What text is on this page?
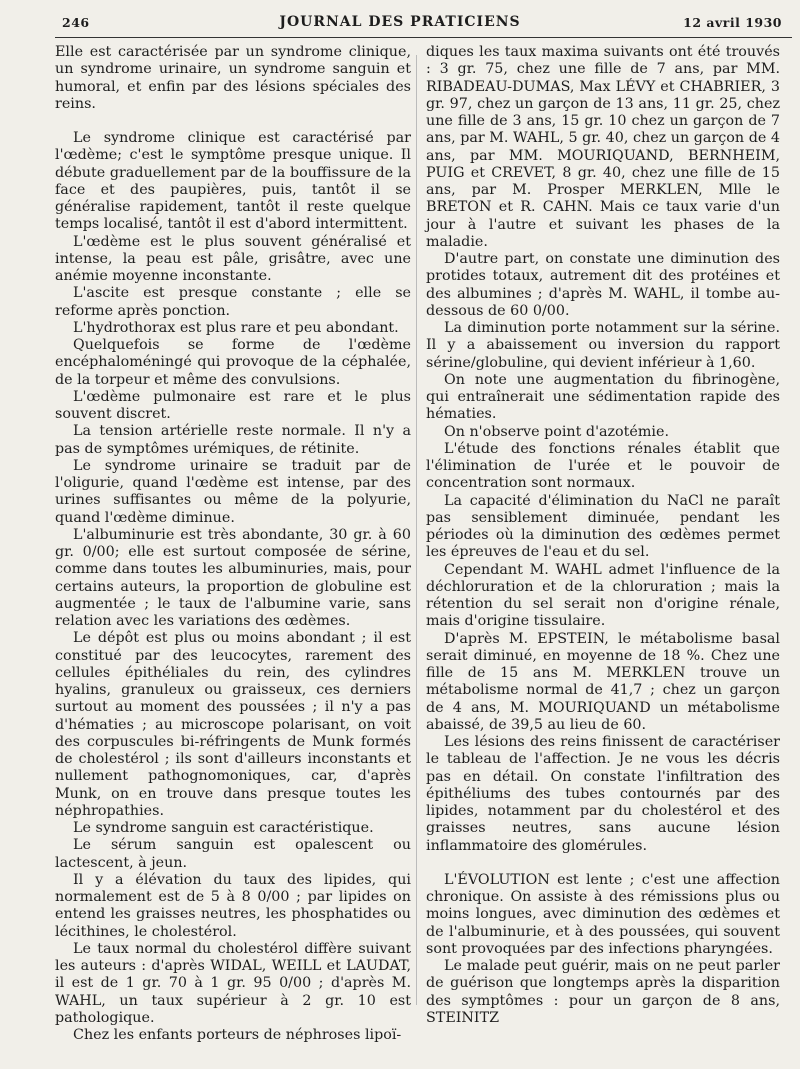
246	JOURNAL DES PRATICIENS	12 avril 1930

Elle est caractérisée par un syndrome clinique, un syndrome urinaire, un syndrome sanguin et humoral, et enfin par des lésions spéciales des reins.

Le syndrome clinique est caractérisé par l'œdème; c'est le symptôme presque unique. Il débute graduellement par de la bouffissure de la face et des paupières, puis, tantôt il se généralise rapidement, tantôt il reste quelque temps localisé, tantôt il est d'abord intermittent.

L'œdème est le plus souvent généralisé et intense, la peau est pâle, grisâtre, avec une anémie moyenne inconstante.

L'ascite est presque constante ; elle se reforme après ponction.

L'hydrothorax est plus rare et peu abondant.

Quelquefois se forme de l'œdème encéphaloméningé qui provoque de la céphalée, de la torpeur et même des convulsions.

L'œdème pulmonaire est rare et le plus souvent discret.

La tension artérielle reste normale. Il n'y a pas de symptômes urémiques, de rétinite.

Le syndrome urinaire se traduit par de l'oligurie, quand l'œdème est intense, par des urines suffisantes ou même de la polyurie, quand l'œdème diminue.

L'albuminurie est très abondante, 30 gr. à 60 gr. 0/00; elle est surtout composée de sérine, comme dans toutes les albuminuries, mais, pour certains auteurs, la proportion de globuline est augmentée ; le taux de l'albumine varie, sans relation avec les variations des œdèmes.

Le dépôt est plus ou moins abondant ; il est constitué par des leucocytes, rarement des cellules épithéliales du rein, des cylindres hyalins, granuleux ou graisseux, ces derniers surtout au moment des poussées ; il n'y a pas d'hématies ; au microscope polarisant, on voit des corpuscules bi-réfringents de Munk formés de cholestérol ; ils sont d'ailleurs inconstants et nullement pathognomoniques, car, d'après Munk, on en trouve dans presque toutes les néphropathies.

Le syndrome sanguin est caractéristique.

Le sérum sanguin est opalescent ou lactescent, à jeun.

Il y a élévation du taux des lipides, qui normalement est de 5 à 8 0/00 ; par lipides on entend les graisses neutres, les phosphatides ou lécithines, le cholestérol.

Le taux normal du cholestérol diffère suivant les auteurs : d'après WIDAL, WEILL et LAUDAT, il est de 1 gr. 70 à 1 gr. 95 0/00 ; d'après M. WAHL, un taux supérieur à 2 gr. 10 est pathologique.

Chez les enfants porteurs de néphroses lipoï-

diques les taux maxima suivants ont été trouvés : 3 gr. 75, chez une fille de 7 ans, par MM. RIBADEAU-DUMAS, Max LÉVY et CHABRIER, 3 gr. 97, chez un garçon de 13 ans, 11 gr. 25, chez une fille de 3 ans, 15 gr. 10 chez un garçon de 7 ans, par M. WAHL, 5 gr. 40, chez un garçon de 4 ans, par MM. MOURIQUAND, BERNHEIM, PUIG et CREVET, 8 gr. 40, chez une fille de 15 ans, par M. Prosper MERKLEN, Mlle le BRETON et R. CAHN. Mais ce taux varie d'un jour à l'autre et suivant les phases de la maladie.

D'autre part, on constate une diminution des protides totaux, autrement dit des protéines et des albumines ; d'après M. WAHL, il tombe au-dessous de 60 0/00.

La diminution porte notamment sur la sérine. Il y a abaissement ou inversion du rapport sérine/globuline, qui devient inférieur à 1,60.

On note une augmentation du fibrinogène, qui entraînerait une sédimentation rapide des hématies.

On n'observe point d'azotémie.

L'étude des fonctions rénales établit que l'élimination de l'urée et le pouvoir de concentration sont normaux.

La capacité d'élimination du NaCl ne paraît pas sensiblement diminuée, pendant les périodes où la diminution des œdèmes permet les épreuves de l'eau et du sel.

Cependant M. WAHL admet l'influence de la déchloruration et de la chloruration ; mais la rétention du sel serait non d'origine rénale, mais d'origine tissulaire.

D'après M. EPSTEIN, le métabolisme basal serait diminué, en moyenne de 18 %. Chez une fille de 15 ans M. MERKLEN trouve un métabolisme normal de 41,7 ; chez un garçon de 4 ans, M. MOURIQUAND un métabolisme abaissé, de 39,5 au lieu de 60.

Les lésions des reins finissent de caractériser le tableau de l'affection. Je ne vous les décris pas en détail. On constate l'infiltration des épithéliums des tubes contournés par des lipides, notamment par du cholestérol et des graisses neutres, sans aucune lésion inflammatoire des glomérules.

L'ÉVOLUTION est lente ; c'est une affection chronique. On assiste à des rémissions plus ou moins longues, avec diminution des œdèmes et de l'albuminurie, et à des poussées, qui souvent sont provoquées par des infections pharyngées.

Le malade peut guérir, mais on ne peut parler de guérison que longtemps après la disparition des symptômes : pour un garçon de 8 ans, STEINITZ
